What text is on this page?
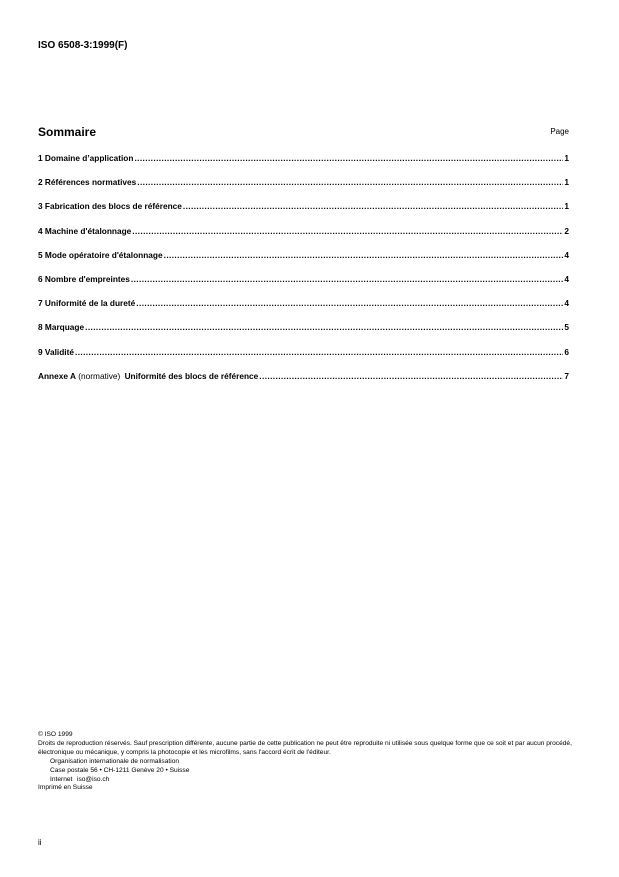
ISO 6508-3:1999(F)
Sommaire	Page
1 Domaine d’application .....	1
2 Références normatives .....	1
3 Fabrication des blocs de référence .....	1
4 Machine d'étalonnage .....	2
5 Mode opératoire d'étalonnage .....	4
6 Nombre d'empreintes .....	4
7 Uniformité de la dureté .....	4
8 Marquage .....	5
9 Validité .....	6
Annexe A (normative) Uniformité des blocs de référence .....	7

© ISO 1999

Droits de reproduction réservés. Sauf prescription différente, aucune partie de cette publication ne peut être reproduite ni utilisée sous quelque forme que ce soit et par aucun procédé, électronique ou mécanique, y compris la photocopie et les microfilms, sans l'accord écrit de l'éditeur.

Organisation internationale de normalisation

Case postale 56 • CH-1211 Genève 20 • Suisse

Internet iso@iso.ch

Imprimé en Suisse

ii
